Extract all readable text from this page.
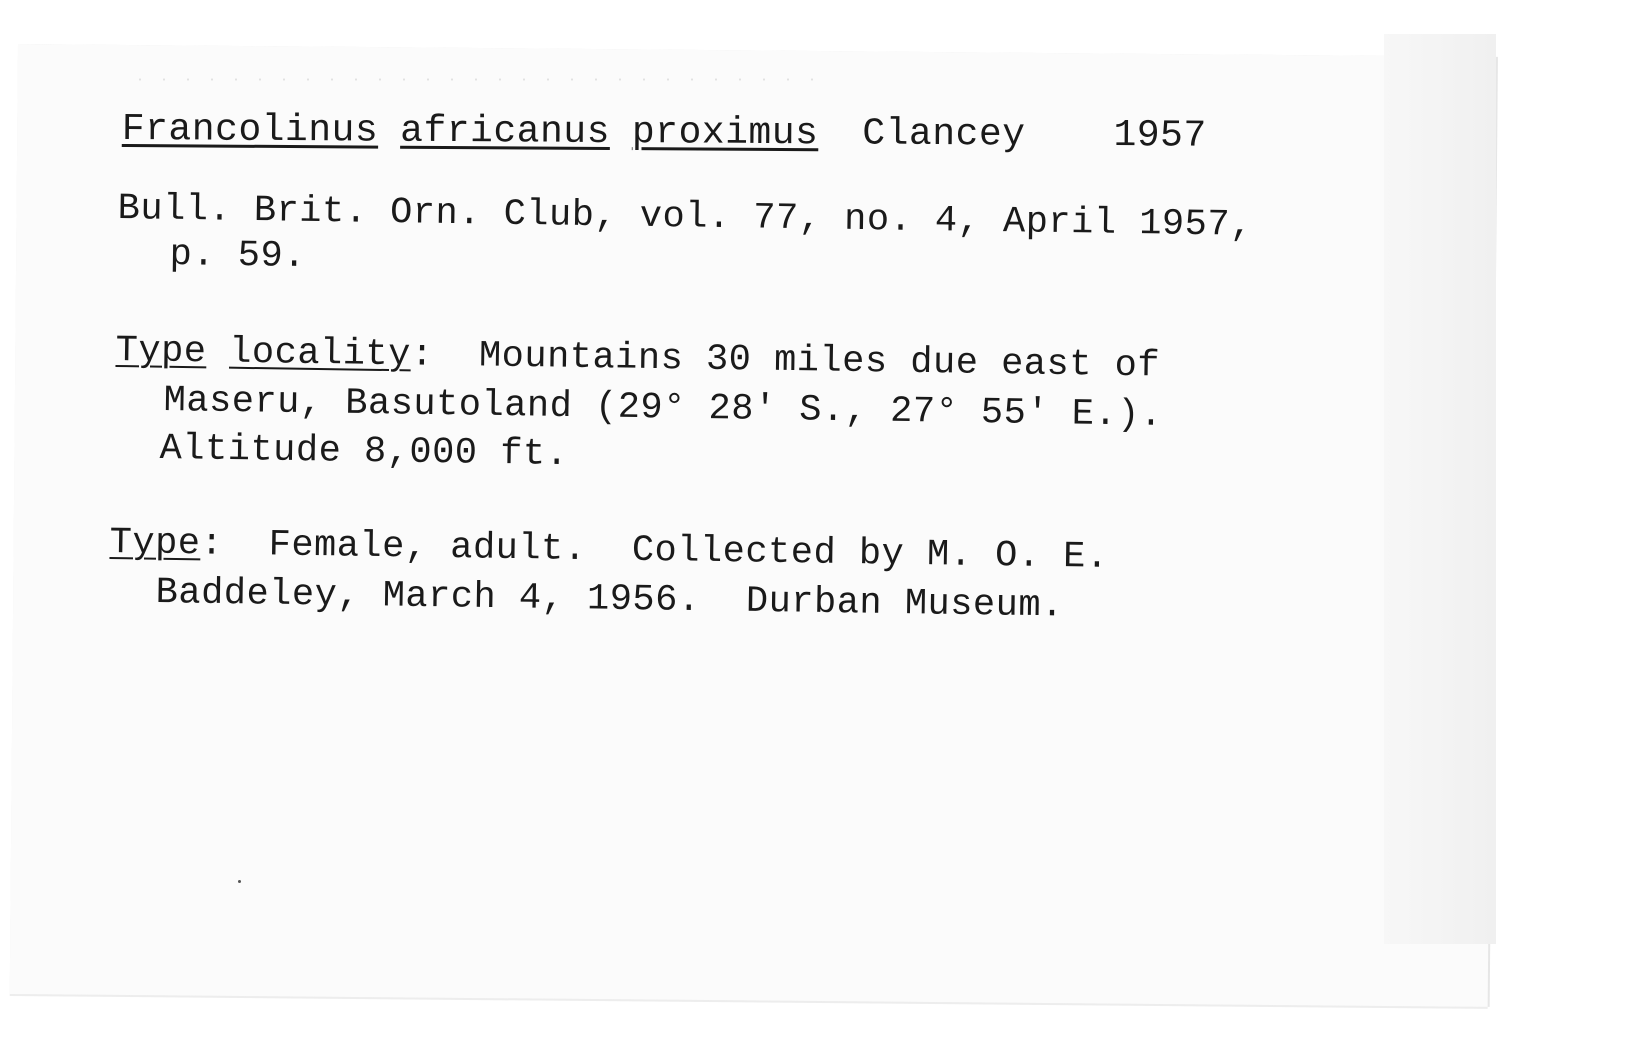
Francolinus africanus proximus Clancey 1957
Bull. Brit. Orn. Club, vol. 77, no. 4, April 1957,
p. 59.
Type locality: Mountains 30 miles due east of
Maseru, Basutoland (29° 28' S., 27° 55' E.).
Altitude 8,000 ft.
Type: Female, adult.  Collected by M. O. E.
Baddeley, March 4, 1956.  Durban Museum.
